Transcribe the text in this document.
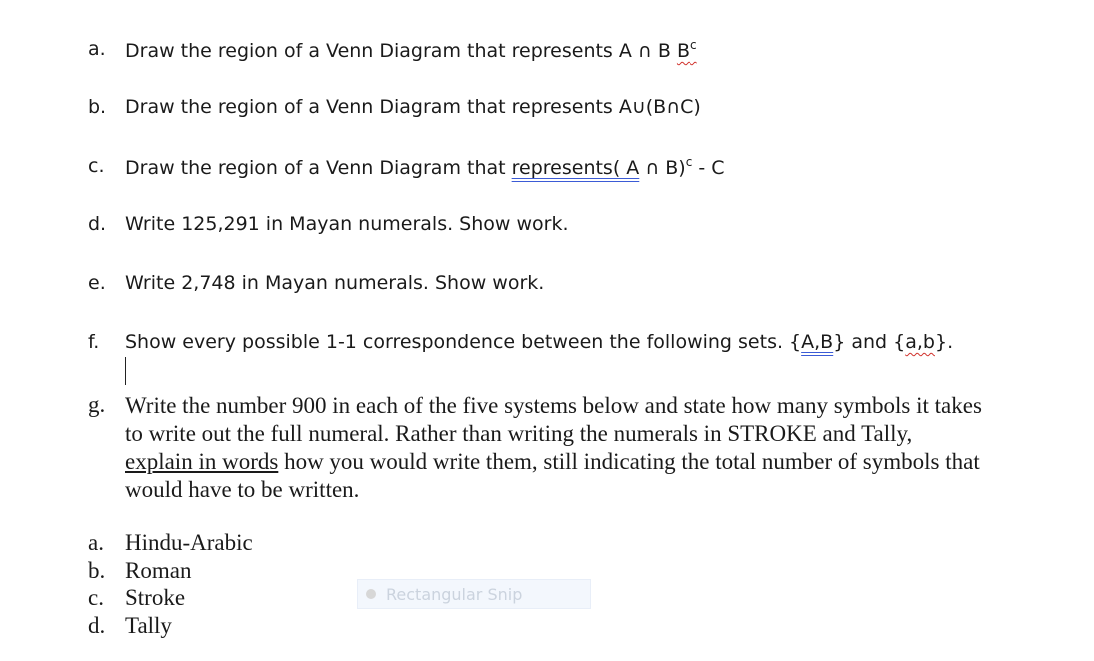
a. Draw the region of a Venn Diagram that represents A ∩ B $B^c$
b. Draw the region of a Venn Diagram that represents A∪(B∩C)
c. Draw the region of a Venn Diagram that represents( A ∩ B)$^c$ - C
d. Write 125,291 in Mayan numerals. Show work.
e. Write 2,748 in Mayan numerals. Show work.
f. Show every possible 1-1 correspondence between the following sets. {A,B} and {a,b}.
g. Write the number 900 in each of the five systems below and state how many symbols it takes to write out the full numeral. Rather than writing the numerals in STROKE and Tally, explain in words how you would write them, still indicating the total number of symbols that would have to be written.
a. Hindu-Arabic
b. Roman
c. Stroke
d. Tally
Rectangular Snip
